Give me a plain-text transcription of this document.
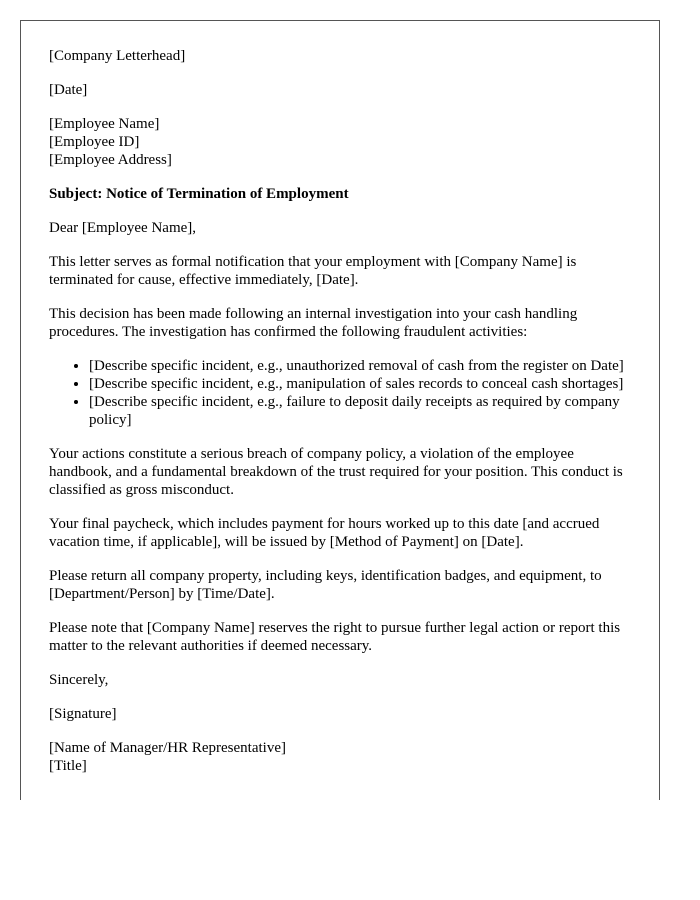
[Company Letterhead]

[Date]

[Employee Name]
[Employee ID]
[Employee Address]

Subject: Notice of Termination of Employment

Dear [Employee Name],

This letter serves as formal notification that your employment with [Company Name] is terminated for cause, effective immediately, [Date].

This decision has been made following an internal investigation into your cash handling procedures. The investigation has confirmed the following fraudulent activities:

• [Describe specific incident, e.g., unauthorized removal of cash from the register on Date]
• [Describe specific incident, e.g., manipulation of sales records to conceal cash shortages]
• [Describe specific incident, e.g., failure to deposit daily receipts as required by company policy]

Your actions constitute a serious breach of company policy, a violation of the employee handbook, and a fundamental breakdown of the trust required for your position. This conduct is classified as gross misconduct.

Your final paycheck, which includes payment for hours worked up to this date [and accrued vacation time, if applicable], will be issued by [Method of Payment] on [Date].

Please return all company property, including keys, identification badges, and equipment, to [Department/Person] by [Time/Date].

Please note that [Company Name] reserves the right to pursue further legal action or report this matter to the relevant authorities if deemed necessary.

Sincerely,

[Signature]

[Name of Manager/HR Representative]
[Title]
